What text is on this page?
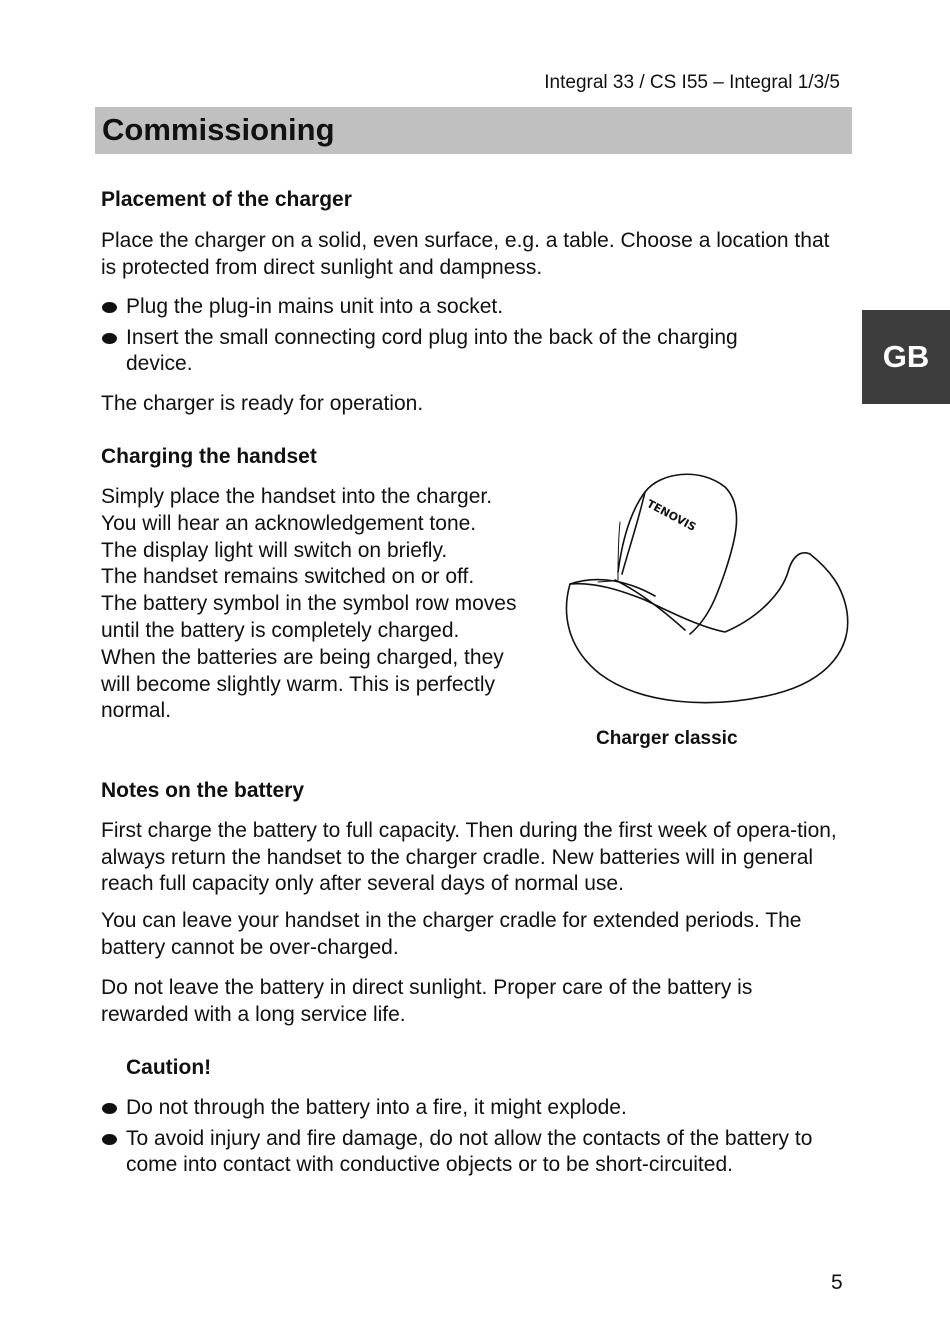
Integral 33 / CS I55 – Integral 1/3/5
Commissioning
GB
Placement of the charger

Place the charger on a solid, even surface, e.g. a table. Choose a location that is protected from direct sunlight and dampness.

Plug the plug-in mains unit into a socket.
Insert the small connecting cord plug into the back of the charging device.

The charger is ready for operation.

Charging the handset
Simply place the handset into the charger.
You will hear an acknowledgement tone.
The display light will switch on briefly.
The handset remains switched on or off.
The battery symbol in the symbol row moves
until the battery is completely charged.
When the batteries are being charged, they
will become slightly warm. This is perfectly
normal.
Notes on the battery

First charge the battery to full capacity. Then during the first week of opera-tion, always return the handset to the charger cradle. New batteries will in general reach full capacity only after several days of normal use.

You can leave your handset in the charger cradle for extended periods. The battery cannot be over-charged.

Do not leave the battery in direct sunlight. Proper care of the battery is rewarded with a long service life.

Do not through the battery into a fire, it might explode.
To avoid injury and fire damage, do not allow the contacts of the battery to come into contact with conductive objects or to be short-circuited.
Caution!
TENOVIS
Charger classic
5
